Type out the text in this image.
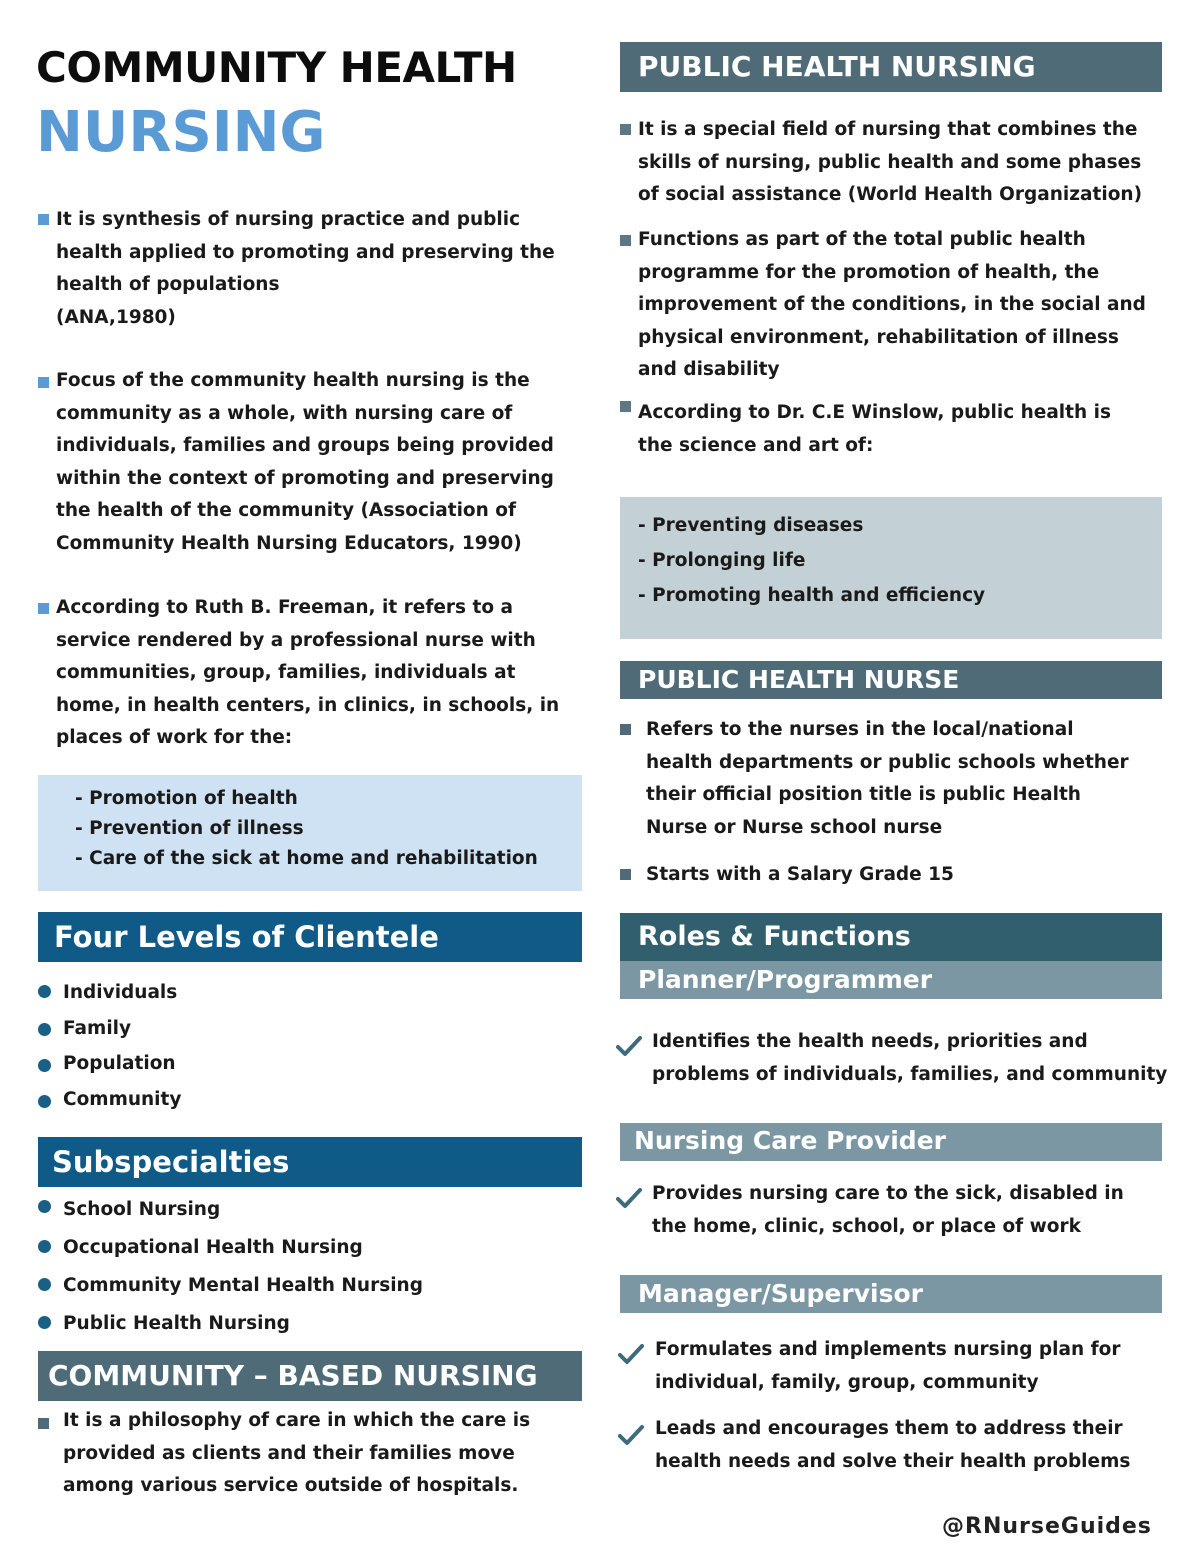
COMMUNITY HEALTH
NURSING
It is synthesis of nursing practice and public
health applied to promoting and preserving the
health of populations
(ANA,1980)
Focus of the community health nursing is the
community as a whole, with nursing care of
individuals, families and groups being provided
within the context of promoting and preserving
the health of the community (Association of
Community Health Nursing Educators, 1990)
According to Ruth B. Freeman, it refers to a
service rendered by a professional nurse with
communities, group, families, individuals at
home, in health centers, in clinics, in schools, in
places of work for the:
- Promotion of health
- Prevention of illness
- Care of the sick at home and rehabilitation
Four Levels of Clientele
Individuals
Family
Population
Community
Subspecialties
School Nursing
Occupational Health Nursing
Community Mental Health Nursing
Public Health Nursing
COMMUNITY – BASED NURSING
It is a philosophy of care in which the care is
provided as clients and their families move
among various service outside of hospitals.
PUBLIC HEALTH NURSING
It is a special field of nursing that combines the
skills of nursing, public health and some phases
of social assistance (World Health Organization)
Functions as part of the total public health
programme for the promotion of health, the
improvement of the conditions, in the social and
physical environment, rehabilitation of illness
and disability
According to Dr. C.E Winslow, public health is
the science and art of:
- Preventing diseases
- Prolonging life
- Promoting health and efficiency
PUBLIC HEALTH NURSE
Refers to the nurses in the local/national
health departments or public schools whether
their official position title is public Health
Nurse or Nurse school nurse
Starts with a Salary Grade 15
Roles & Functions
Planner/Programmer
Identifies the health needs, priorities and
problems of individuals, families, and community
Nursing Care Provider
Provides nursing care to the sick, disabled in
the home, clinic, school, or place of work
Manager/Supervisor
Formulates and implements nursing plan for
individual, family, group, community
Leads and encourages them to address their
health needs and solve their health problems
@RNurseGuides
